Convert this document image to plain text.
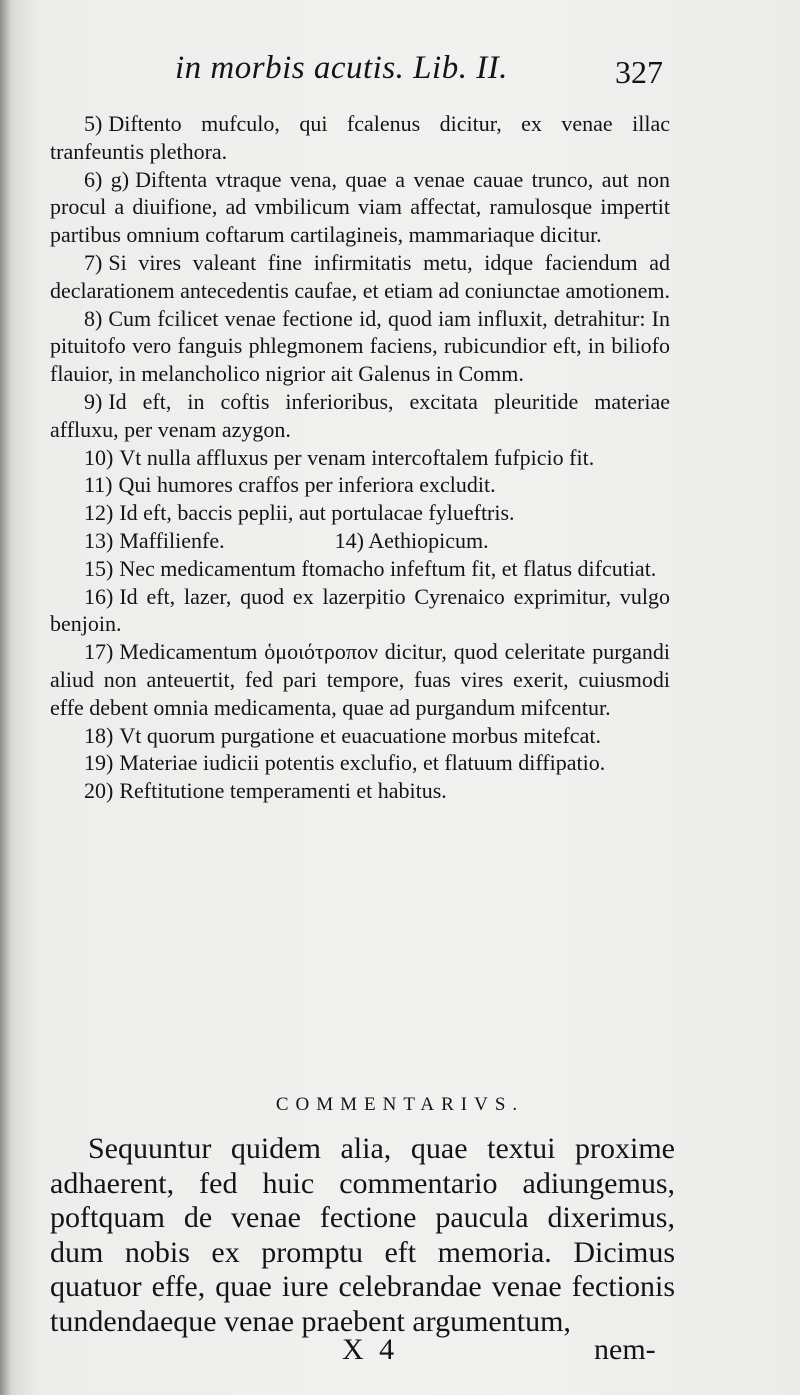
in morbis acutis. Lib. II.	327

5) Diftento mufculo, qui fcalenus dicitur, ex venae illac tranfeuntis plethora.

6) g) Diftenta vtraque vena, quae a venae cauae trunco, aut non procul a diuifione, ad vmbilicum viam affectat, ramulosque impertit partibus omnium coftarum cartilagineis, mammariaque dicitur.

7) Si vires valeant fine infirmitatis metu, idque faciendum ad declarationem antecedentis caufae, et etiam ad coniunctae amotionem.

8) Cum fcilicet venae fectione id, quod iam influxit, detrahitur: In pituitofo vero fanguis phlegmonem faciens, rubicundior eft, in biliofo flauior, in melancholico nigrior ait Galenus in Comm.

9) Id eft, in coftis inferioribus, excitata pleuritide materiae affluxu, per venam azygon.

10) Vt nulla affluxus per venam intercoftalem fufpicio fit.

11) Qui humores craffos per inferiora excludit.

12) Id eft, baccis peplii, aut portulacae fylueftris.

13) Maffilienfe.                    14) Aethiopicum.

15) Nec medicamentum ftomacho infeftum fit, et flatus difcutiat.

16) Id eft, lazer, quod ex lazerpitio Cyrenaico exprimitur, vulgo benjoin.

17) Medicamentum ὁμοιότροπον dicitur, quod celeritate purgandi aliud non anteuertit, fed pari tempore, fuas vires exerit, cuiusmodi effe debent omnia medicamenta, quae ad purgandum mifcentur.

18) Vt quorum purgatione et euacuatione morbus mitefcat.

19) Materiae iudicii potentis exclufio, et flatuum diffipatio.

20) Reftitutione temperamenti et habitus.

COMMENTARIVS.

Sequuntur quidem alia, quae textui proxime adhaerent, fed huic commentario adiungemus, poftquam de venae fectione paucula dixerimus, dum nobis ex promptu eft memoria. Dicimus quatuor effe, quae iure celebrandae venae fectionis tundendaeque venae praebent argumentum,

X 4	nem-
